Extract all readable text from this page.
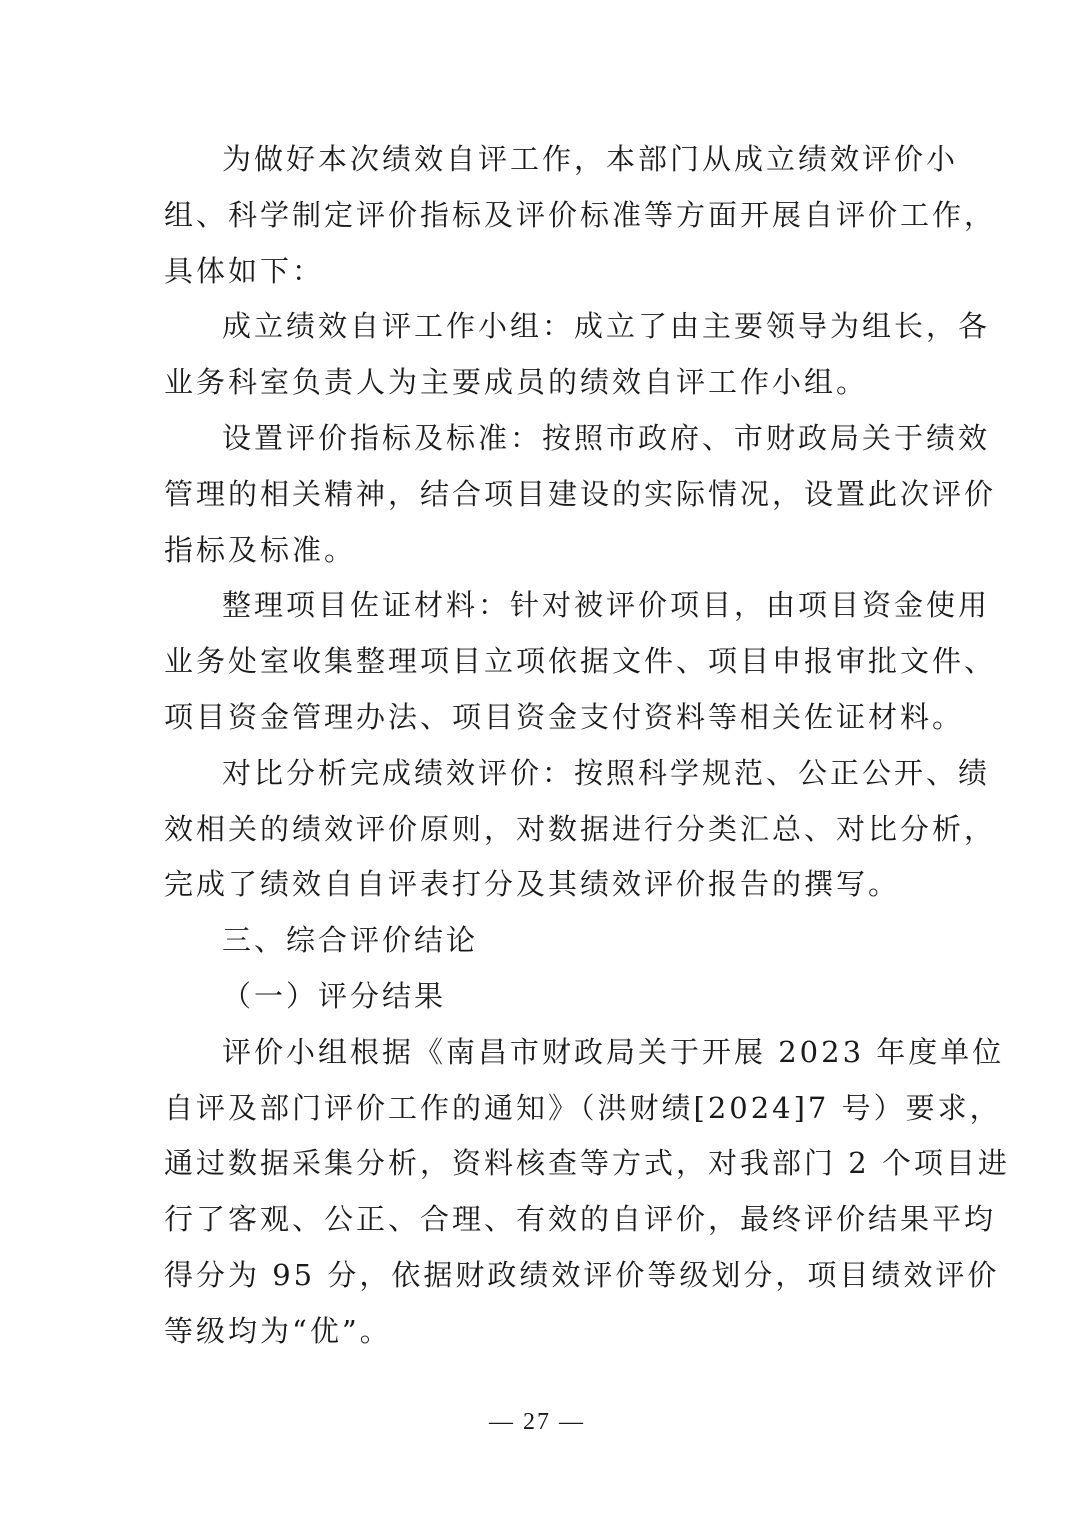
为做好本次绩效自评工作，本部门从成立绩效评价小
组、科学制定评价指标及评价标准等方面开展自评价工作，
具体如下：

成立绩效自评工作小组：成立了由主要领导为组长，各
业务科室负责人为主要成员的绩效自评工作小组。

设置评价指标及标准：按照市政府、市财政局关于绩效
管理的相关精神，结合项目建设的实际情况，设置此次评价
指标及标准。

整理项目佐证材料：针对被评价项目，由项目资金使用
业务处室收集整理项目立项依据文件、项目申报审批文件、
项目资金管理办法、项目资金支付资料等相关佐证材料。

对比分析完成绩效评价：按照科学规范、公正公开、绩
效相关的绩效评价原则，对数据进行分类汇总、对比分析，
完成了绩效自自评表打分及其绩效评价报告的撰写。

三、综合评价结论

（一）评分结果

评价小组根据《南昌市财政局关于开展 2023 年度单位
自评及部门评价工作的通知》（洪财绩[2024]7 号）要求，
通过数据采集分析，资料核查等方式，对我部门 2 个项目进
行了客观、公正、合理、有效的自评价，最终评价结果平均
得分为 95 分，依据财政绩效评价等级划分，项目绩效评价
等级均为“优”。

— 27 —
